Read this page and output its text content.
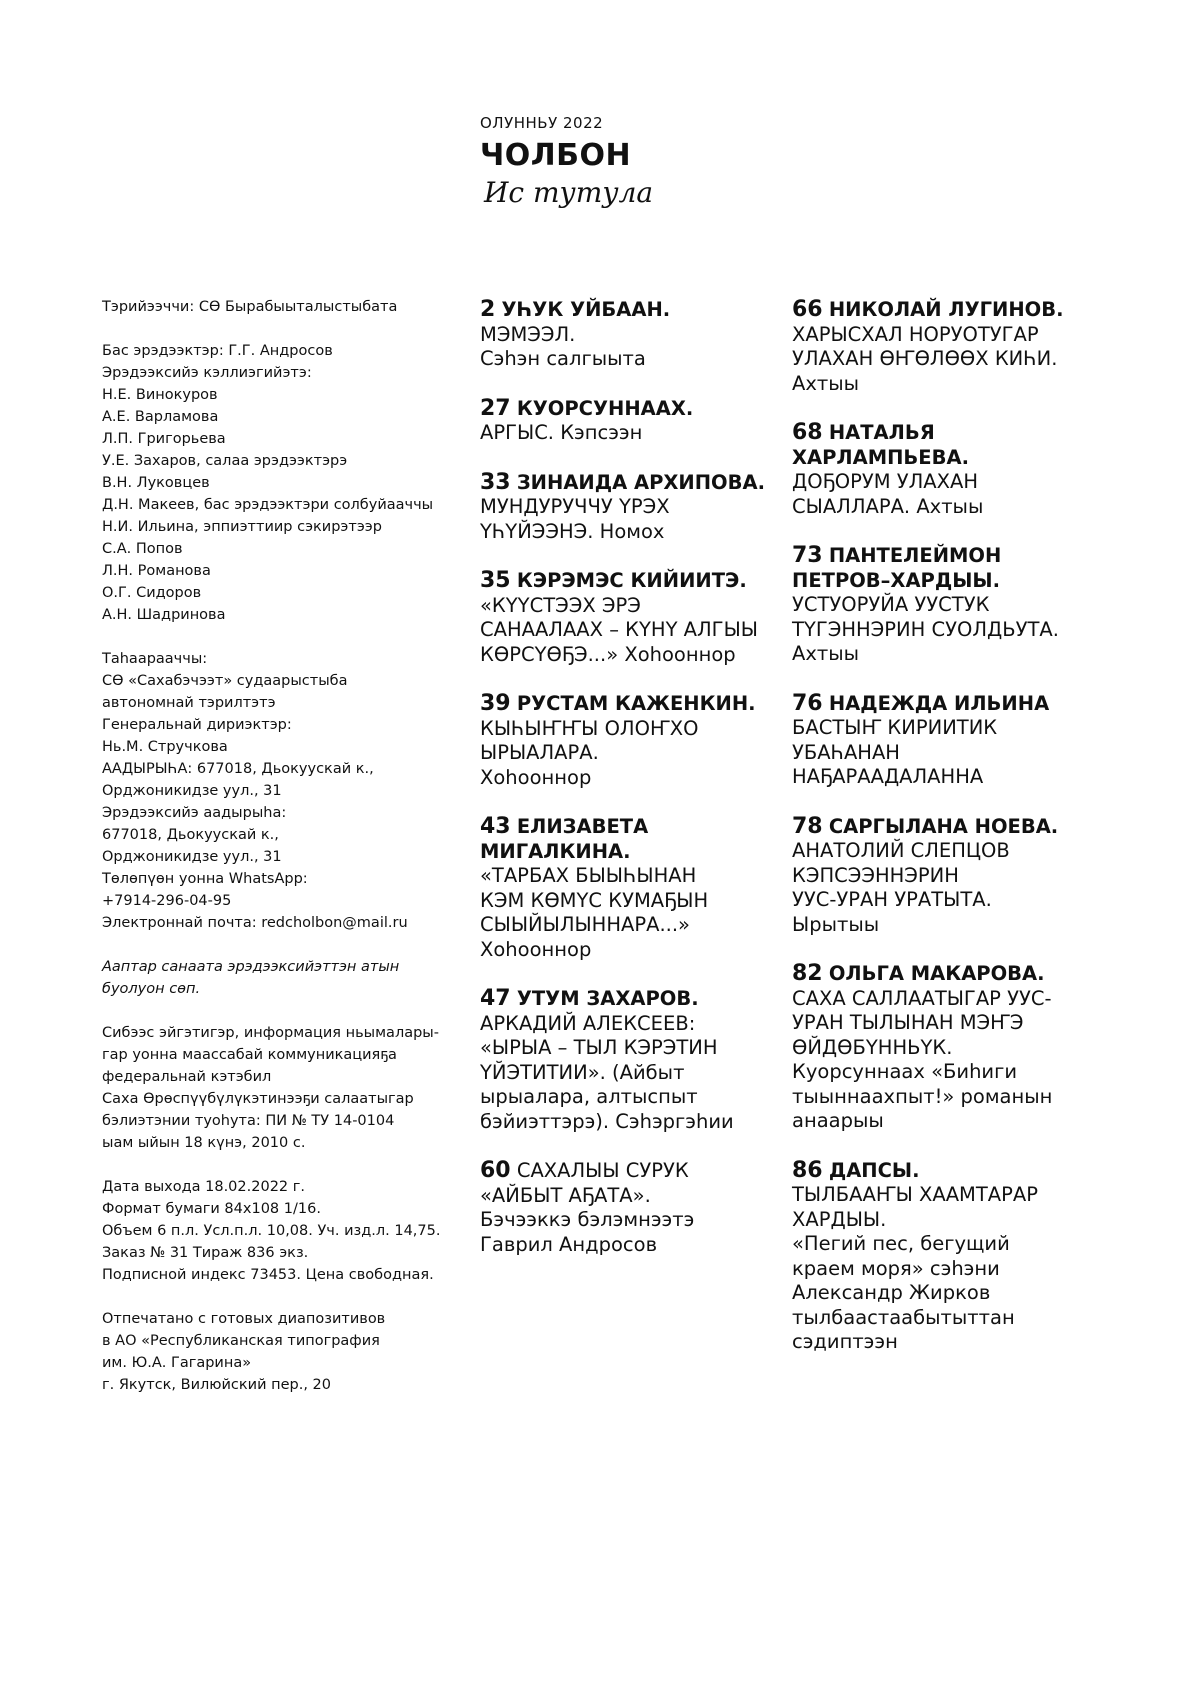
ОЛУННЬУ 2022
ЧОЛБОН
Ис тутула
Тэрийээччи: СӨ Бырабыыталыстыбата
Бас эрэдээктэр: Г.Г. Андросов
Эрэдээксийэ кэллиэгийэтэ:
Н.Е. Винокуров
А.Е. Варламова
Л.П. Григорьева
У.Е. Захаров, салаа эрэдээктэрэ
В.Н. Луковцев
Д.Н. Макеев, бас эрэдээктэри солбуйааччы
Н.И. Ильина, эппиэттиир сэкирэтээр
С.А. Попов
Л.Н. Романова
О.Г. Сидоров
А.Н. Шадринова
Таһаарааччы:
СӨ «Сахабэчээт» судаарыстыба
автономнай тэрилтэтэ
Генеральнай дириэктэр:
Нь.М. Стручкова
ААДЫРЫҺА: 677018, Дьокуускай к.,
Орджоникидзе уул., 31
Эрэдээксийэ аадырыһа:
677018, Дьокуускай к.,
Орджоникидзе уул., 31
Төлөпүөн уонна WhatsApp:
+7914-296-04-95
Электроннай почта: redcholbon@mail.ru
Ааптар санаата эрэдээксийэттэн атын
буолуон сөп.
Сибээс эйгэтигэр, информация ньымалары-
гар уонна маассабай коммуникацияҕа
федеральнай кэтэбил
Саха Өрөспүүбүлүкэтинээҕи салаатыгар
бэлиэтэнии туоһута: ПИ № ТУ 14-0104
ыам ыйын 18 күнэ, 2010 с.
Дата выхода 18.02.2022 г.
Формат бумаги 84x108 1/16.
Объем 6 п.л. Усл.п.л. 10,08. Уч. изд.л. 14,75.
Заказ № 31 Тираж 836 экз.
Подписной индекс 73453. Цена свободная.
Отпечатано с готовых диапозитивов
в АО «Республиканская типография
им. Ю.А. Гагарина»
г. Якутск, Вилюйский пер., 20
2 УҺУК УЙБААН.
МЭМЭЭЛ.
Сэһэн салгыыта
27 КУОРСУННААХ.
АРГЫС. Кэпсээн
33 ЗИНАИДА АРХИПОВА.
МУНДУРУЧЧУ ҮРЭХ
ҮҺҮЙЭЭНЭ. Номох
35 КЭРЭМЭС КИЙИИТЭ.
«КҮҮСТЭЭХ ЭРЭ
САНААЛААХ – КҮНҮ АЛГЫЫ
КӨРСҮӨҔЭ...» Хоһооннор
39 РУСТАМ КАЖЕНКИН.
КЫҺЫҤҤЫ ОЛОҤХО
ЫРЫАЛАРА.
Хоһооннор
43 ЕЛИЗАВЕТА
МИГАЛКИНА.
«ТАРБАХ БЫЫҺЫНАН
КЭМ КӨМҮС КУМАҔЫН
СЫЫЙЫЛЫННАРА...»
Хоһооннор
47 УТУМ ЗАХАРОВ.
АРКАДИЙ АЛЕКСЕЕВ:
«ЫРЫА – ТЫЛ КЭРЭТИН
ҮЙЭТИТИИ». (Айбыт
ырыалара, алтыспыт
бэйиэттэрэ). Сэһэргэһии
60 САХАЛЫЫ СУРУК
«АЙБЫТ АҔАТА».
Бэчээккэ бэлэмнээтэ
Гаврил Андросов
66 НИКОЛАЙ ЛУГИНОВ.
ХАРЫСХАЛ НОРУОТУГАР
УЛАХАН ӨҤӨЛӨӨХ КИҺИ.
Ахтыы
68 НАТАЛЬЯ
ХАРЛАМПЬЕВА.
ДОҔОРУМ УЛАХАН
СЫАЛЛАРА. Ахтыы
73 ПАНТЕЛЕЙМОН
ПЕТРОВ–ХАРДЫЫ.
УСТУОРУЙА УУСТУК
ТҮГЭННЭРИН СУОЛДЬУТА.
Ахтыы
76 НАДЕЖДА ИЛЬИНА
БАСТЫҤ КИРИИТИК
УБАҺАНАН
НАҔАРААДАЛАННА
78 САРГЫЛАНА НОЕВА.
АНАТОЛИЙ СЛЕПЦОВ
КЭПСЭЭННЭРИН
УУС-УРАН УРАТЫТА.
Ырытыы
82 ОЛЬГА МАКАРОВА.
САХА САЛЛААТЫГАР УУС-
УРАН ТЫЛЫНАН МЭҤЭ
ӨЙДӨБҮННЬҮК.
Куорсуннаах «Биһиги
тыыннаахпыт!» романын
анаарыы
86 ДАПСЫ.
ТЫЛБААҤЫ ХААМТАРАР
ХАРДЫЫ.
«Пегий пес, бегущий
краем моря» сэһэни
Александр Жирков
тылбаастаабытыттан
сэдиптээн
